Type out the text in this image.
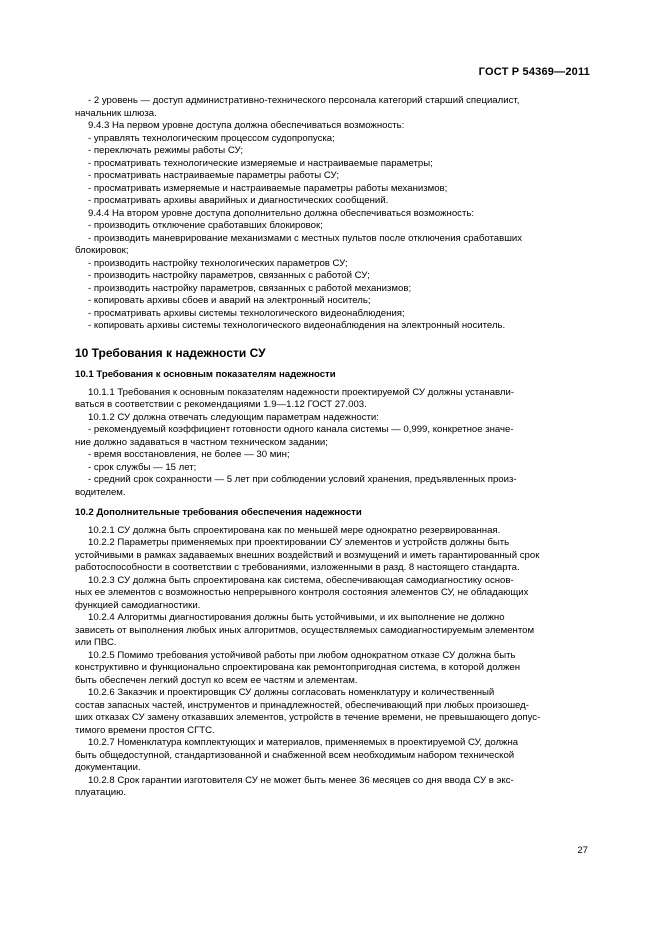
ГОСТ Р 54369—2011
- 2 уровень — доступ административно-технического персонала категорий старший специалист,
начальник шлюза.
9.4.3 На первом уровне доступа должна обеспечиваться возможность:
- управлять технологическим процессом судопропуска;
- переключать режимы работы СУ;
- просматривать технологические измеряемые и настраиваемые параметры;
- просматривать настраиваемые параметры работы СУ;
- просматривать измеряемые и настраиваемые параметры работы механизмов;
- просматривать архивы аварийных и диагностических сообщений.
9.4.4 На втором уровне доступа дополнительно должна обеспечиваться возможность:
- производить отключение сработавших блокировок;
- производить маневрирование механизмами с местных пультов после отключения сработавших
блокировок;
- производить настройку технологических параметров СУ;
- производить настройку параметров, связанных с работой СУ;
- производить настройку параметров, связанных с работой механизмов;
- копировать архивы сбоев и аварий на электронный носитель;
- просматривать архивы системы технологического видеонаблюдения;
- копировать архивы системы технологического видеонаблюдения на электронный носитель.
10 Требования к надежности СУ
10.1 Требования к основным показателям надежности
10.1.1 Требования к основным показателям надежности проектируемой СУ должны устанавли-
ваться в соответствии с рекомендациями 1.9—1.12 ГОСТ 27.003.
10.1.2 СУ должна отвечать следующим параметрам надежности:
- рекомендуемый коэффициент готовности одного канала системы — 0,999, конкретное значе-
ние должно задаваться в частном техническом задании;
- время восстановления, не более — 30 мин;
- срок службы — 15 лет;
- средний срок сохранности — 5 лет при соблюдении условий хранения, предъявленных произ-
водителем.
10.2 Дополнительные требования обеспечения надежности
10.2.1 СУ должна быть спроектирована как по меньшей мере однократно резервированная.
10.2.2 Параметры применяемых при проектировании СУ элементов и устройств должны быть
устойчивыми в рамках задаваемых внешних воздействий и возмущений и иметь гарантированный срок
работоспособности в соответствии с требованиями, изложенными в разд. 8 настоящего стандарта.
10.2.3 СУ должна быть спроектирована как система, обеспечивающая самодиагностику основ-
ных ее элементов с возможностью непрерывного контроля состояния элементов СУ, не обладающих
функцией самодиагностики.
10.2.4 Алгоритмы диагностирования должны быть устойчивыми, и их выполнение не должно
зависеть от выполнения любых иных алгоритмов, осуществляемых самодиагностируемым элементом
или ПВС.
10.2.5 Помимо требования устойчивой работы при любом однократном отказе СУ должна быть
конструктивно и функционально спроектирована как ремонтопригодная система, в которой должен
быть обеспечен легкий доступ ко всем ее частям и элементам.
10.2.6 Заказчик и проектировщик СУ должны согласовать номенклатуру и количественный
состав запасных частей, инструментов и принадлежностей, обеспечивающий при любых произошед-
ших отказах СУ замену отказавших элементов, устройств в течение времени, не превышающего допус-
тимого времени простоя СГТС.
10.2.7 Номенклатура комплектующих и материалов, применяемых в проектируемой СУ, должна
быть общедоступной, стандартизованной и снабженной всем необходимым набором технической
документации.
10.2.8 Срок гарантии изготовителя СУ не может быть менее 36 месяцев со дня ввода СУ в экс-
плуатацию.
27
